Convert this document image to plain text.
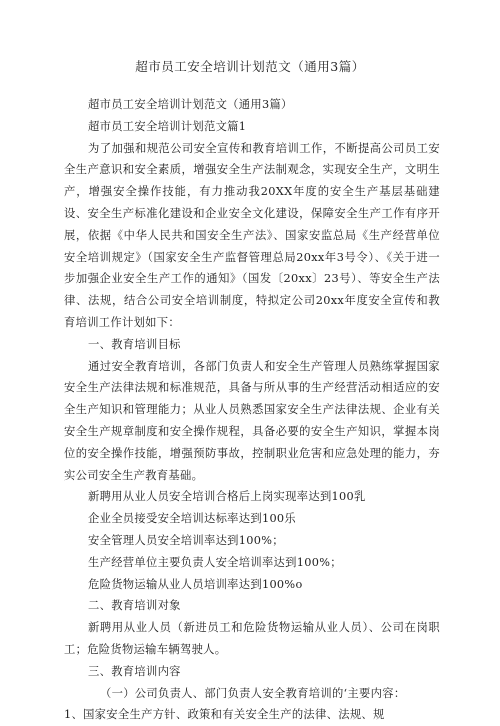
超市员工安全培训计划范文（通用3篇）

超市员工安全培训计划范文（通用3篇）

超市员工安全培训计划范文篇1

为了加强和规范公司安全宣传和教育培训工作，不断提高公司员工安全生产意识和安全素质，增强安全生产法制观念，实现安全生产，文明生产，增强安全操作技能，有力推动我20XX年度的安全生产基层基础建设、安全生产标准化建设和企业安全文化建设，保障安全生产工作有序开展，依据《中华人民共和国安全生产法》、国家安监总局《生产经营单位安全培训规定》（国家安全生产监督管理总局20xx年3号令）、《关于进一步加强企业安全生产工作的通知》（国发〔20xx〕23号）、等安全生产法律、法规，结合公司安全培训制度，特拟定公司20xx年度安全宣传和教育培训工作计划如下：

一、教育培训目标

通过安全教育培训，各部门负责人和安全生产管理人员熟练掌握国家安全生产法律法规和标准规范，具备与所从事的生产经营活动相适应的安全生产知识和管理能力；从业人员熟悉国家安全生产法律法规、企业有关安全生产规章制度和安全操作规程，具备必要的安全生产知识，掌握本岗位的安全操作技能，增强预防事故，控制职业危害和应急处理的能力，夯实公司安全生产教育基础。

新聘用从业人员安全培训合格后上岗实现率达到100乳

企业全员接受安全培训达标率达到100乐

安全管理人员安全培训率达到100%；

生产经营单位主要负责人安全培训率达到100%；

危险货物运输从业人员培训率达到100%o

二、教育培训对象

新聘用从业人员（新进员工和危险货物运输从业人员）、公司在岗职工；危险货物运输车辆驾驶人。

三、教育培训内容

（一）公司负责人、部门负责人安全教育培训的‘主要内容：

1、国家安全生产方针、政策和有关安全生产的法律、法规、规
